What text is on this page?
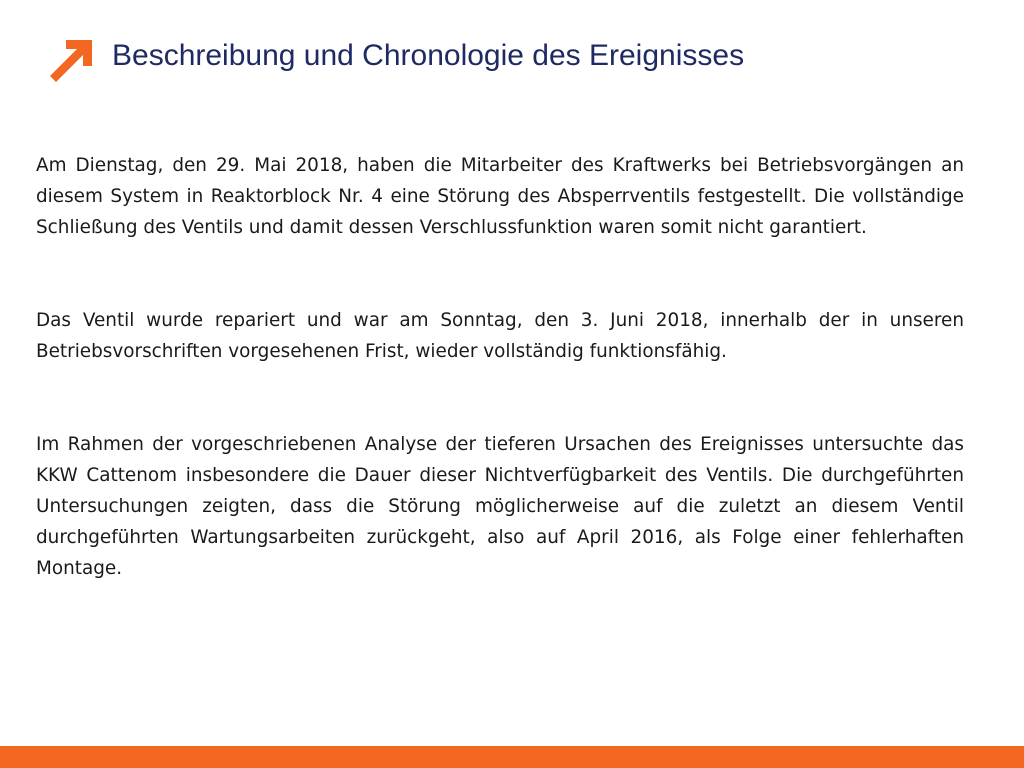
Beschreibung und Chronologie des Ereignisses

Am Dienstag, den 29. Mai 2018, haben die Mitarbeiter des Kraftwerks bei Betriebsvorgängen an diesem System in Reaktorblock Nr. 4 eine Störung des Absperrventils festgestellt. Die vollständige Schließung des Ventils und damit dessen Verschlussfunktion waren somit nicht garantiert.

Das Ventil wurde repariert und war am Sonntag, den 3. Juni 2018, innerhalb der in unseren Betriebsvorschriften vorgesehenen Frist, wieder vollständig funktionsfähig.

Im Rahmen der vorgeschriebenen Analyse der tieferen Ursachen des Ereignisses untersuchte das KKW Cattenom insbesondere die Dauer dieser Nichtverfügbarkeit des Ventils. Die durchgeführten Untersuchungen zeigten, dass die Störung möglicherweise auf die zuletzt an diesem Ventil durchgeführten Wartungsarbeiten zurückgeht, also auf April 2016, als Folge einer fehlerhaften Montage.
